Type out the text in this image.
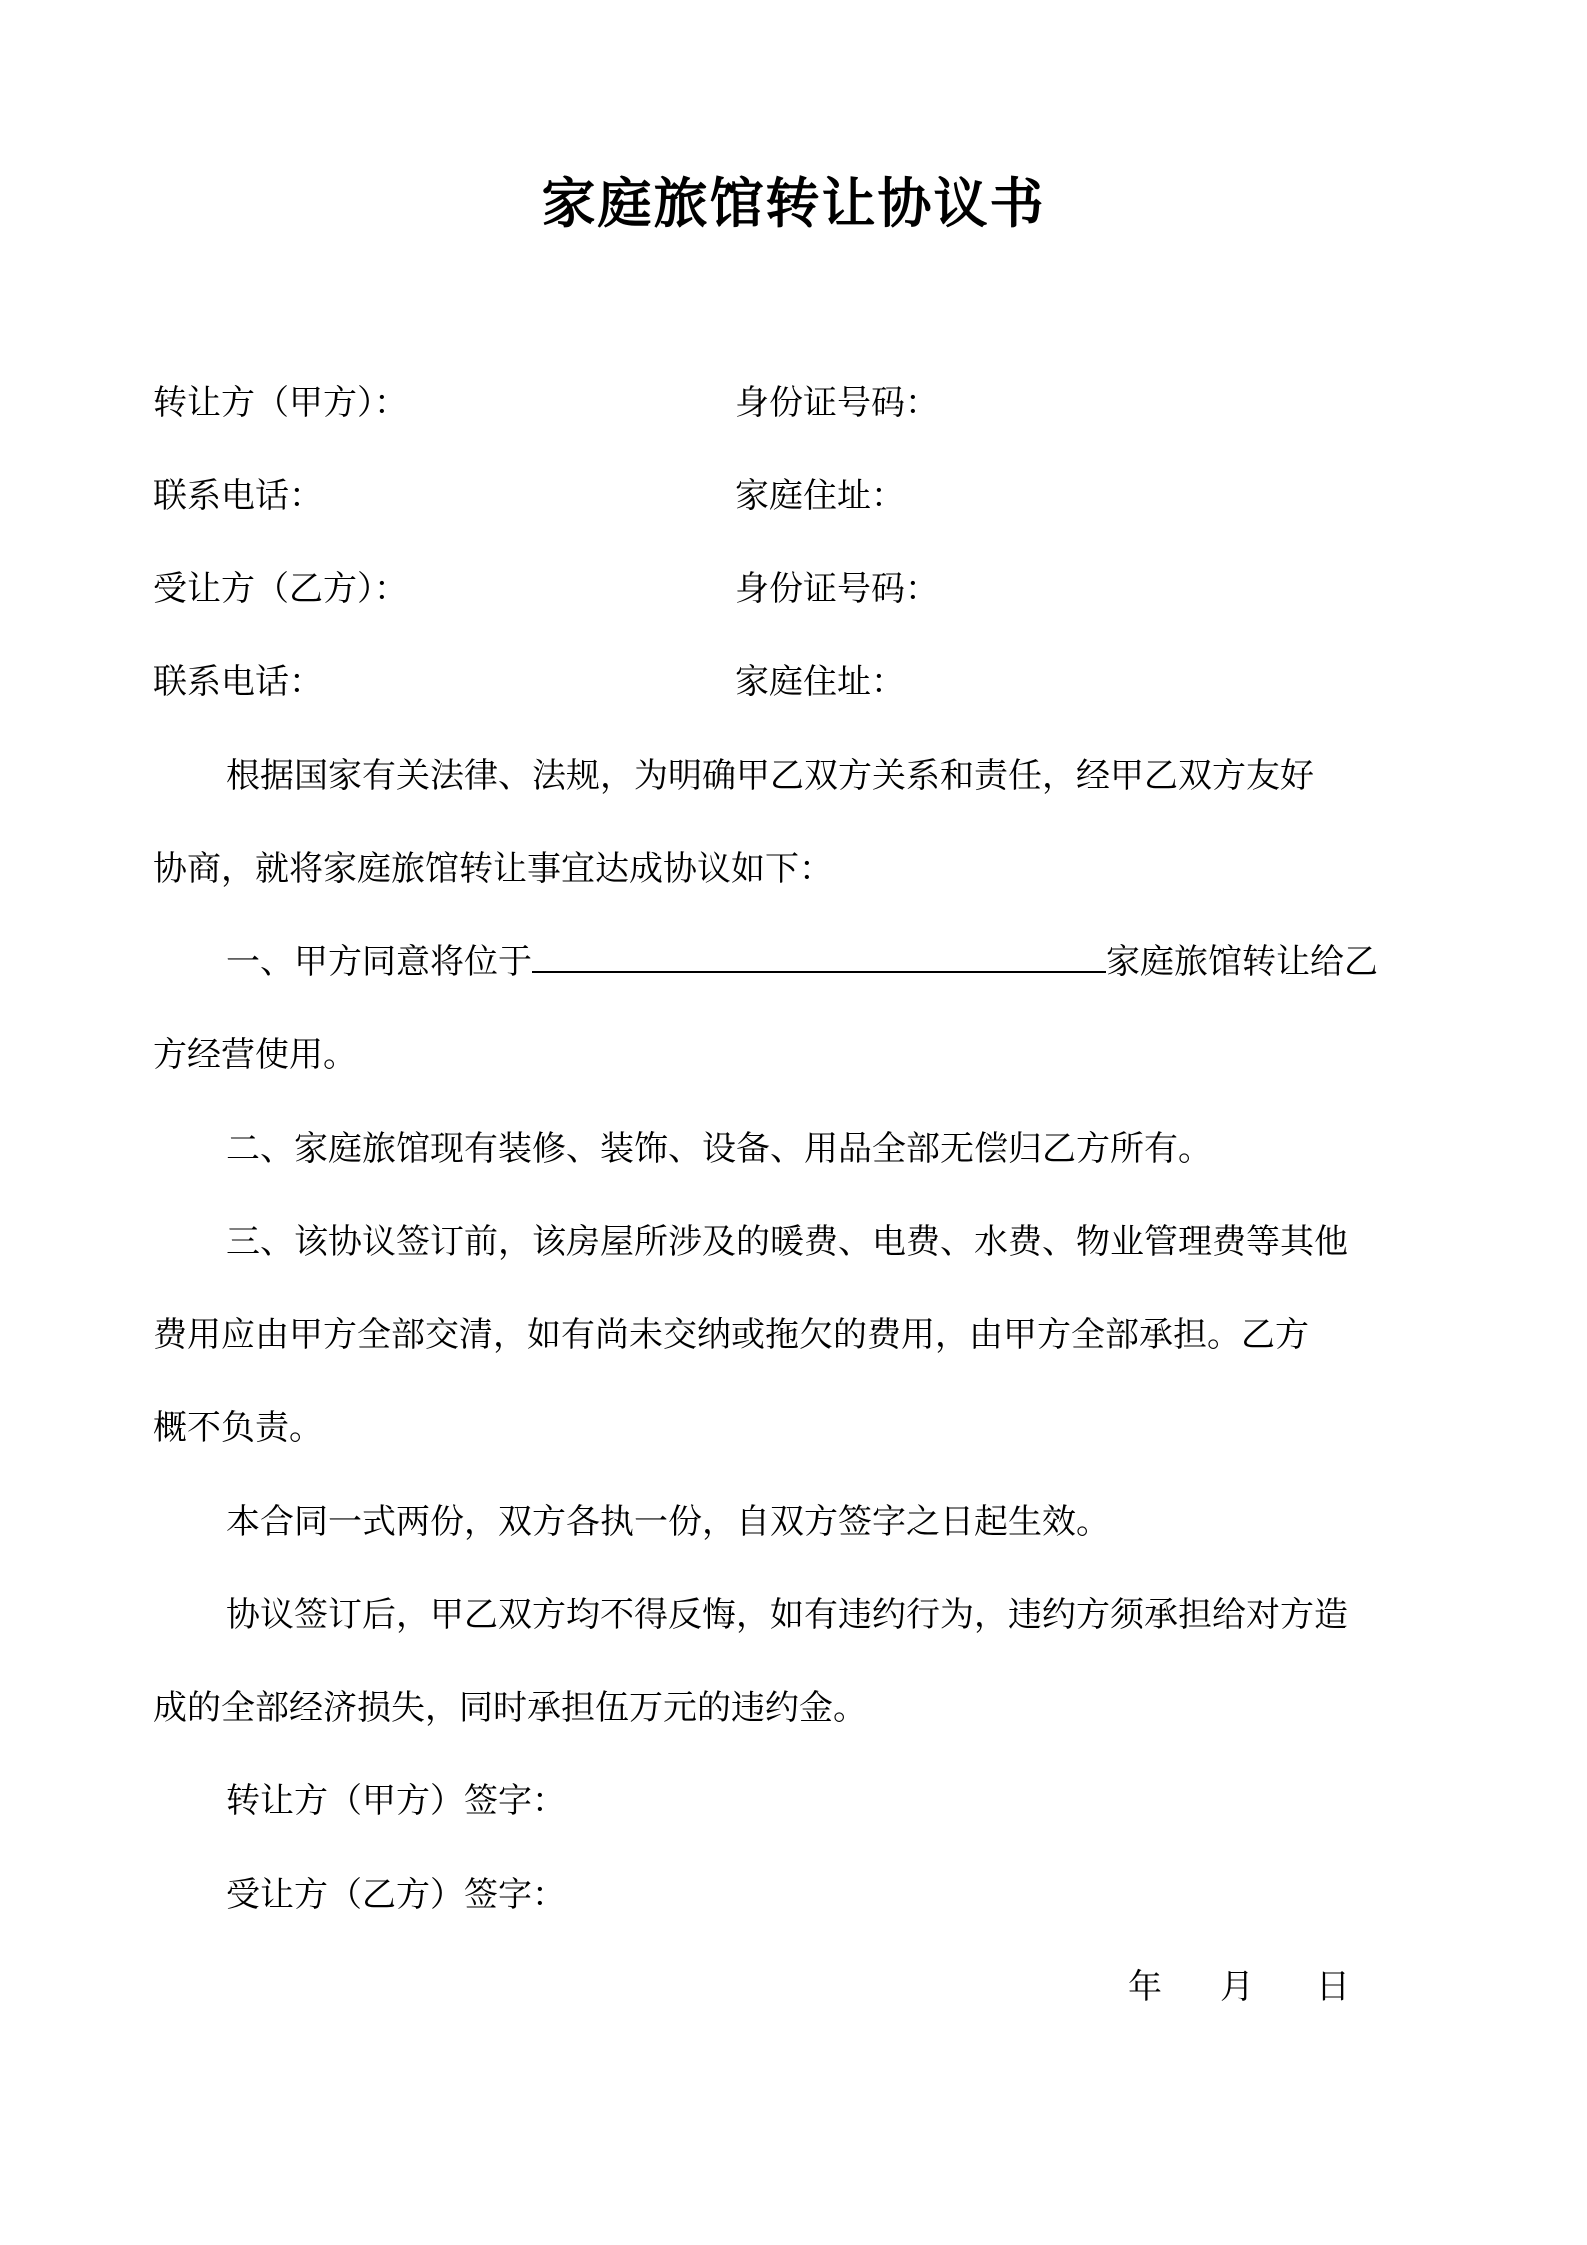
家庭旅馆转让协议书
转让方（甲方）：	身份证号码：
联系电话：	家庭住址：
受让方（乙方）：	身份证号码：
联系电话：	家庭住址：
根据国家有关法律、法规，为明确甲乙双方关系和责任，经甲乙双方友好
协商，就将家庭旅馆转让事宜达成协议如下：
一、甲方同意将位于	家庭旅馆转让给乙
方经营使用。
二、家庭旅馆现有装修、装饰、设备、用品全部无偿归乙方所有。
三、该协议签订前，该房屋所涉及的暖费、电费、水费、物业管理费等其他
费用应由甲方全部交清，如有尚未交纳或拖欠的费用，由甲方全部承担。乙方
概不负责。
本合同一式两份，双方各执一份，自双方签字之日起生效。
协议签订后，甲乙双方均不得反悔，如有违约行为，违约方须承担给对方造
成的全部经济损失，同时承担伍万元的违约金。
转让方（甲方）签字：
受让方（乙方）签字：
年 月 日
